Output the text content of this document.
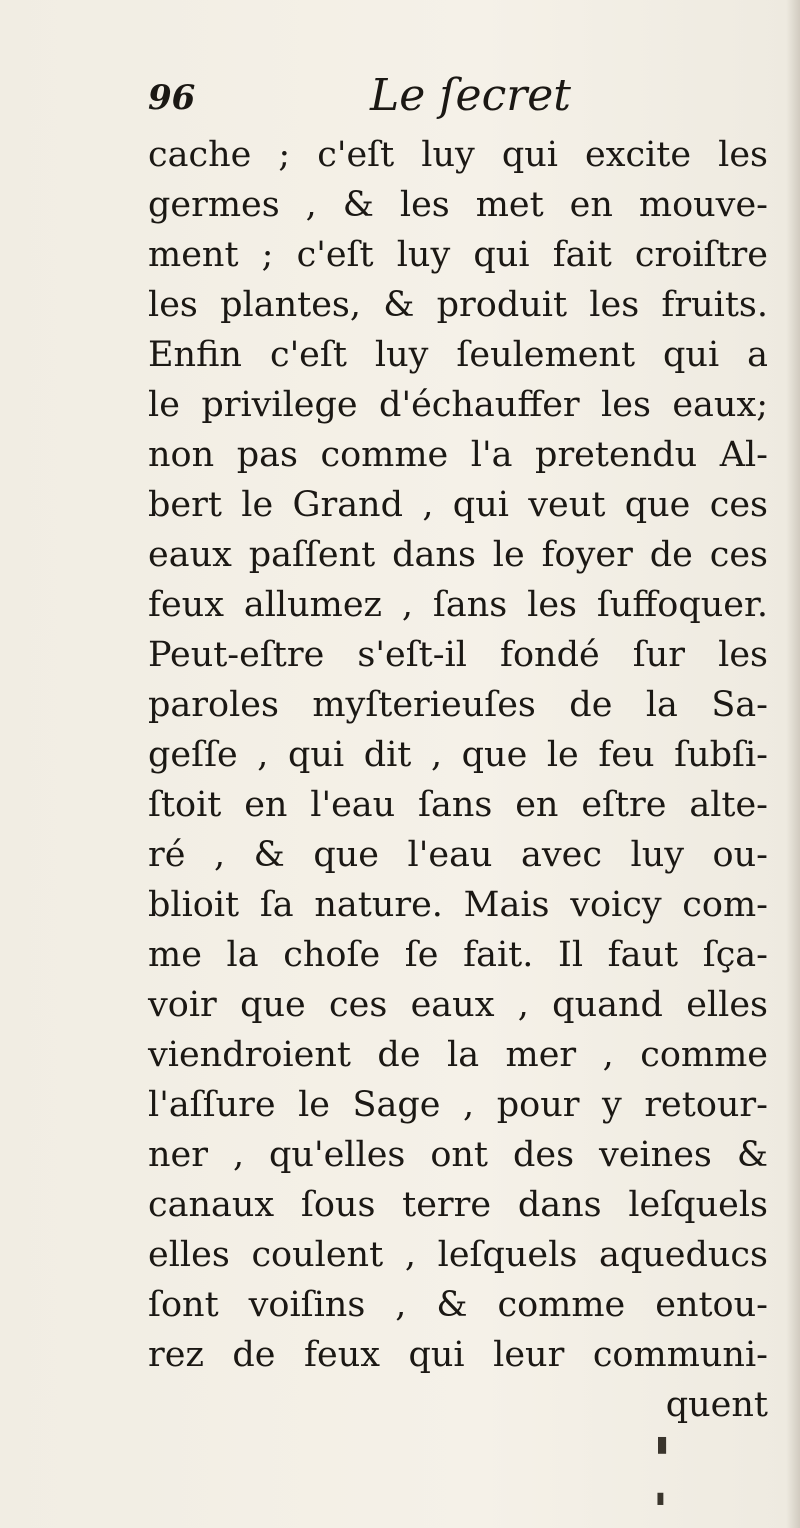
96	Le ſecret
cache ; c'eſt luy qui excite les
germes , & les met en mouve-
ment ; c'eſt luy qui fait croiſtre
les plantes, & produit les fruits.
Enfin c'eſt luy ſeulement qui a
le privilege d'échauffer les eaux;
non pas comme l'a pretendu Al-
bert le Grand , qui veut que ces
eaux paſſent dans le foyer de ces
feux allumez , ſans les ſuffoquer.
Peut-eſtre s'eſt-il fondé ſur les
paroles myſterieuſes de la Sa-
geſſe , qui dit , que le feu ſubſi-
ſtoit en l'eau ſans en eſtre alte-
ré , & que l'eau avec luy ou-
blioit ſa nature. Mais voicy com-
me la choſe ſe fait. Il faut ſça-
voir que ces eaux , quand elles
viendroient de la mer , comme
l'aſſure le Sage , pour y retour-
ner , qu'elles ont des veines &
canaux ſous terre dans leſquels
elles coulent , leſquels aqueducs
ſont voiſins , & comme entou-
rez de feux qui leur communi-
quent
▮
▮
